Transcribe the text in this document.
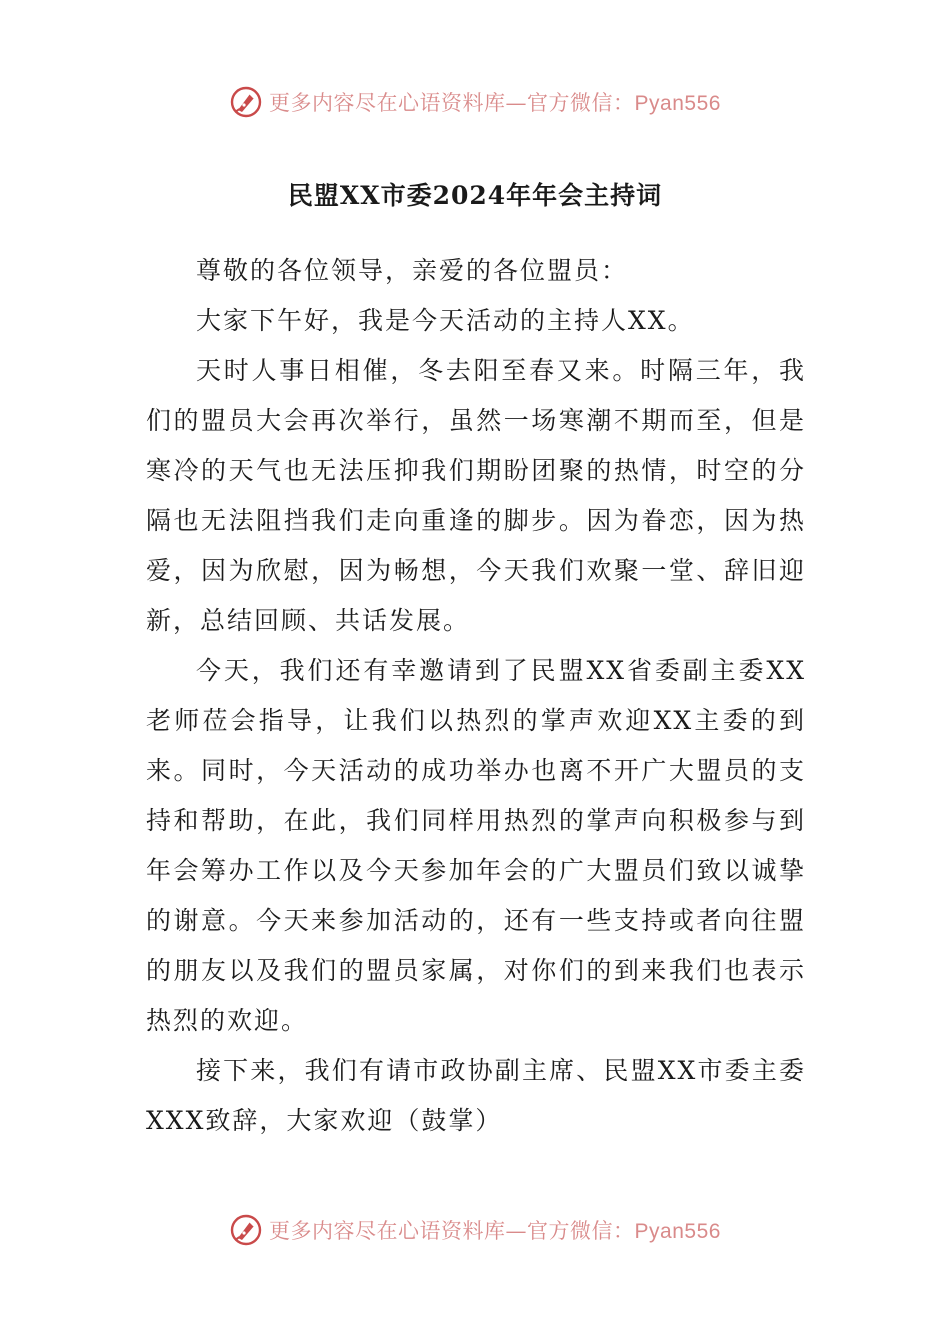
更多内容尽在心语资料库—官方微信：Pyan556
民盟XX市委2024年年会主持词

尊敬的各位领导，亲爱的各位盟员：

大家下午好，我是今天活动的主持人XX。

天时人事日相催，冬去阳至春又来。时隔三年，我们的盟员大会再次举行，虽然一场寒潮不期而至，但是寒冷的天气也无法压抑我们期盼团聚的热情，时空的分隔也无法阻挡我们走向重逢的脚步。因为眷恋，因为热爱，因为欣慰，因为畅想，今天我们欢聚一堂、辞旧迎新，总结回顾、共话发展。

今天，我们还有幸邀请到了民盟XX省委副主委XX老师莅会指导，让我们以热烈的掌声欢迎XX主委的到来。同时，今天活动的成功举办也离不开广大盟员的支持和帮助，在此，我们同样用热烈的掌声向积极参与到年会筹办工作以及今天参加年会的广大盟员们致以诚挚的谢意。今天来参加活动的，还有一些支持或者向往盟的朋友以及我们的盟员家属，对你们的到来我们也表示热烈的欢迎。

接下来，我们有请市政协副主席、民盟XX市委主委XXX致辞，大家欢迎（鼓掌）

更多内容尽在心语资料库—官方微信：Pyan556
